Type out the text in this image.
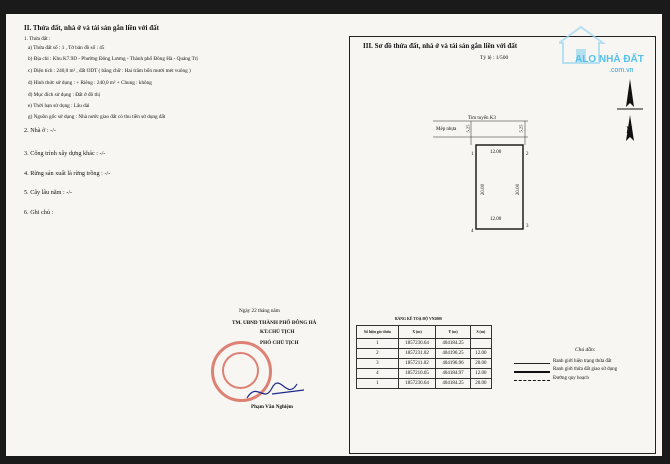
II. Thửa đất, nhà ở và tài sản gắn liền với đất
1. Thửa đất :
a) Thửa đất số : 1 , Tờ bản đồ số : 45
b) Địa chỉ : Khu K7.9D - Phường Đông Lương - Thành phố Đông Hà - Quảng Trị
c) Diện tích : 240,0 m² , đất ODT ( bằng chữ : Hai trăm bốn mươi mét vuông )
d) Hình thức sử dụng : + Riêng : 240,0 m² + Chung : không
đ) Mục đích sử dụng : Đất ở đô thị
e) Thời hạn sử dụng : Lâu dài
g) Nguồn gốc sử dụng : Nhà nước giao đất có thu tiền sử dụng đất
2. Nhà ở : -/-
3. Công trình xây dựng khác : -/-
4. Rừng sản xuất là rừng trồng : -/-
5. Cây lâu năm : -/-
6. Ghi chú :
Ngày 22 tháng năm
TM. UBND THÀNH PHỐ ĐÔNG HÀ
KT.CHỦ TỊCH
PHÓ CHỦ TỊCH
Phạm Văn Nghiệm
III. Sơ đồ thửa đất, nhà ở và tài sản gắn liền với đất
Tỷ lệ : 1/500
N
Tim tuyến K3
Mép nhựa 5.25	5.25
12.00
12.00
20.00	20.00
1	2
3
4
BẢNG KÊ TOẠ ĐỘ VN2000
Số hiệu góc thửa	X (m)	Y (m)	S (m)
1	1857230.64	404184.25	
2	1857231.02	404196.25	12.00
3	1857211.02	404196.96	20.00
4	1857210.65	404184.97	12.00
1	1857230.64	404184.25	20.00
Chú dẫn:
Ranh giới hiện trạng thửa đất
Ranh giới thửa đất giao sử dụng
Đường quy hoạch
ALO NHÀ ĐẤT
.com.vn
